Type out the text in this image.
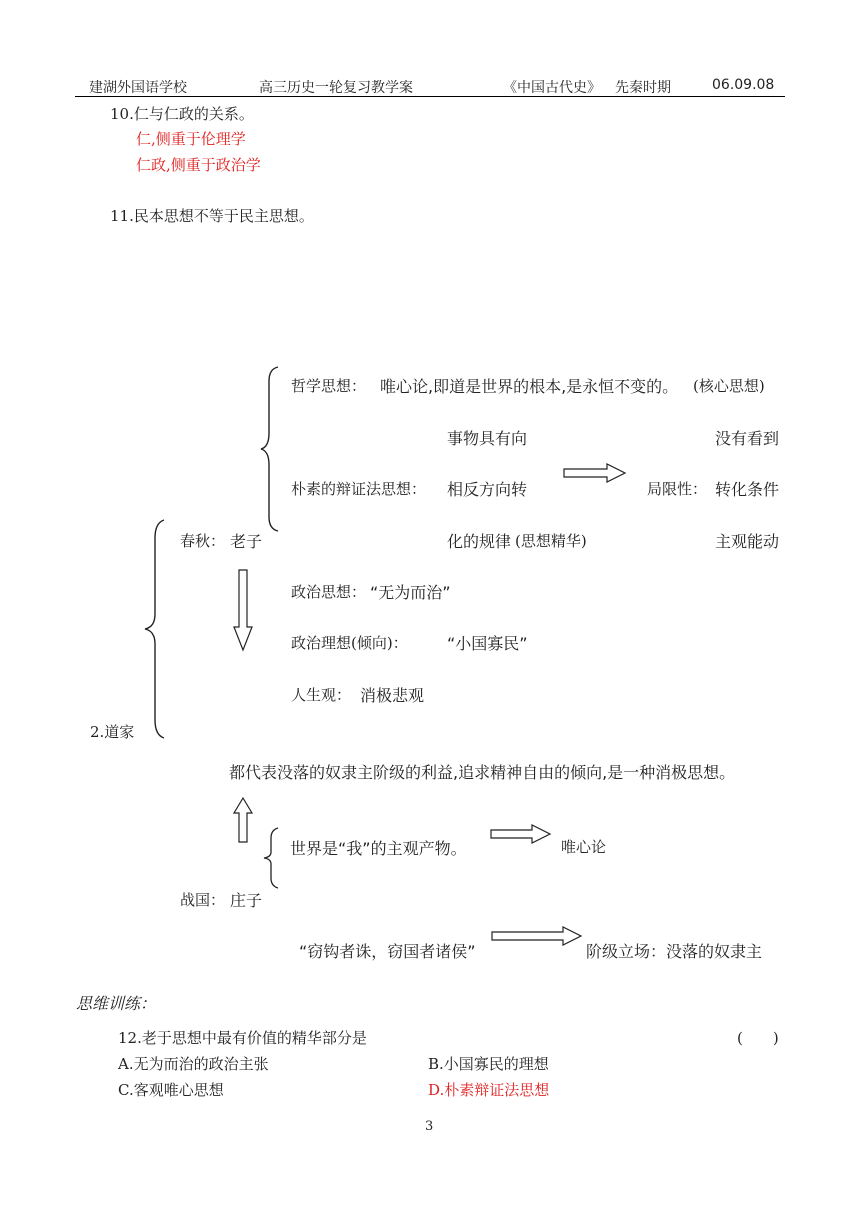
建湖外国语学校	高三历史一轮复习教学案	《中国古代史》 先秦时期	06.09.08
10.仁与仁政的关系。
仁,侧重于伦理学
仁政,侧重于政治学
11.民本思想不等于民主思想。
哲学思想： 唯心论,即道是世界的根本,是永恒不变的。 (核心思想)
事物具有向	没有看到
朴素的辩证法思想： 相反方向转	局限性： 转化条件
春秋： 老子	化的规律 (思想精华)	主观能动
政治思想： “无为而治”
政治理想(倾向)： “小国寡民”
人生观： 消极悲观
2.道家
都代表没落的奴隶主阶级的利益,追求精神自由的倾向,是一种消极思想。
世界是“我”的主观产物。	唯心论
战国： 庄子
“窃钩者诛，窃国者诸侯”	阶级立场：没落的奴隶主
思维训练：
12.老于思想中最有价值的精华部分是	(　　)
A.无为而治的政治主张	B.小国寡民的理想
C.客观唯心思想	D.朴素辩证法思想
3
